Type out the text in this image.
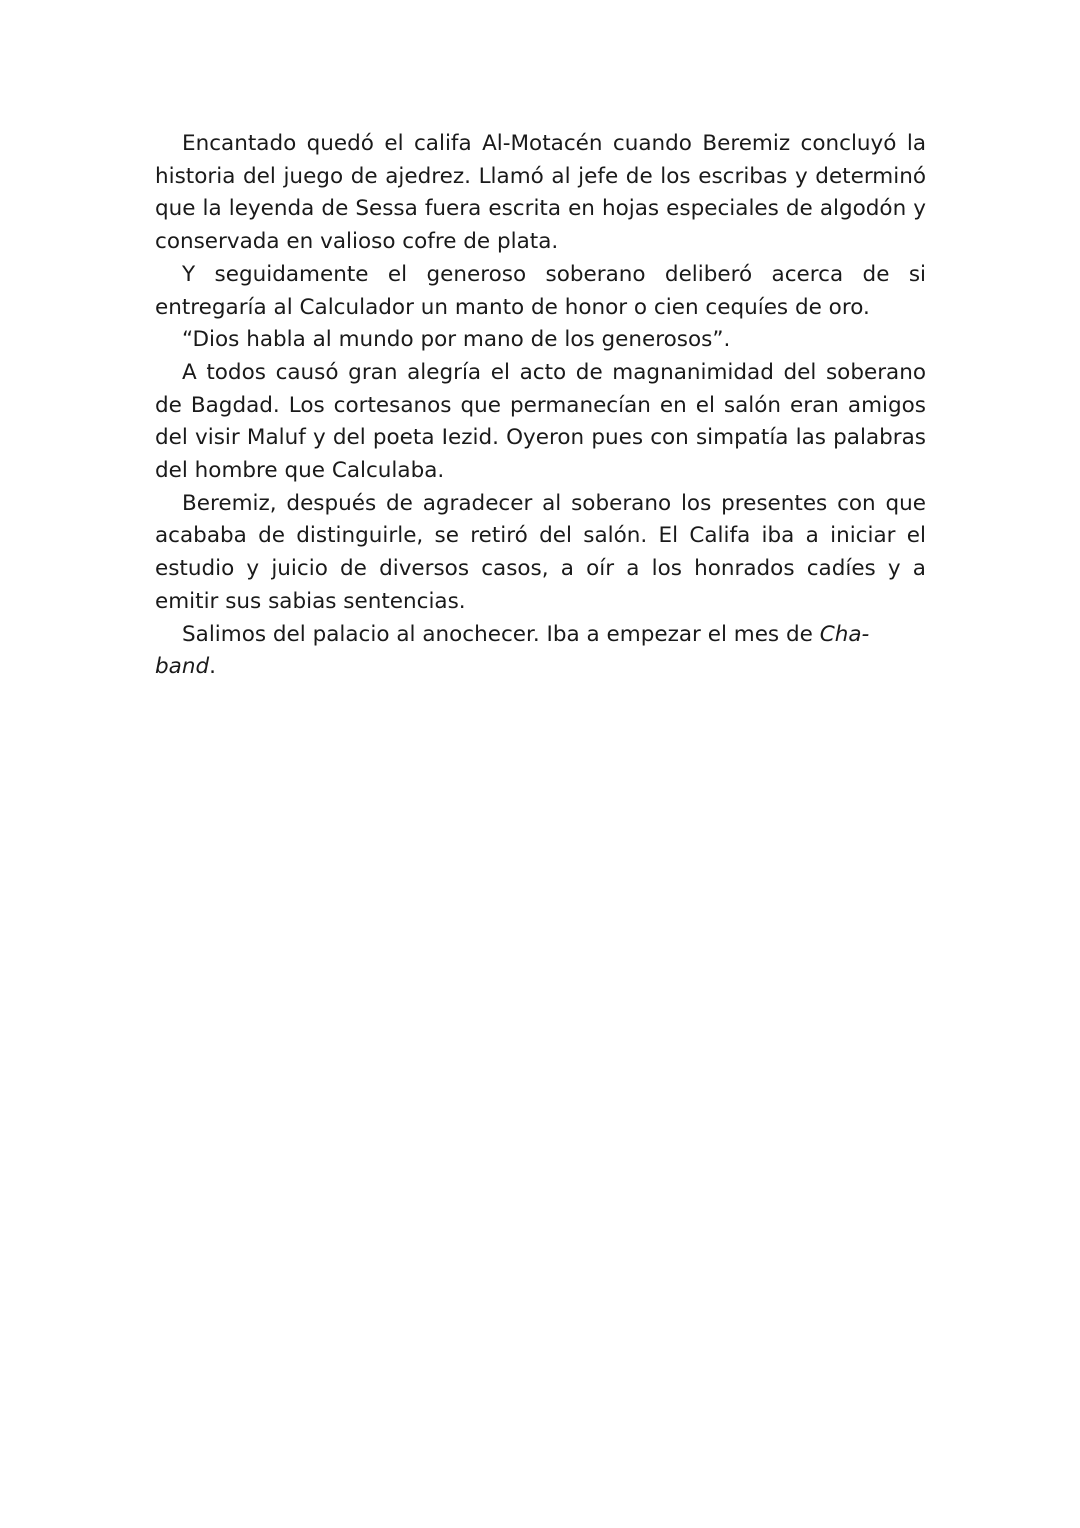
Encantado quedó el califa Al-Motacén cuando Beremiz concluyó la historia del juego de ajedrez. Llamó al jefe de los escribas y determinó que la leyenda de Sessa fuera escrita en hojas especiales de algodón y conservada en valioso cofre de plata.

Y seguidamente el generoso soberano deliberó acerca de si entregaría al Calculador un manto de honor o cien cequíes de oro.

“Dios habla al mundo por mano de los generosos”.

A todos causó gran alegría el acto de magnanimidad del soberano de Bagdad. Los cortesanos que permanecían en el salón eran amigos del visir Maluf y del poeta Iezid. Oyeron pues con simpatía las palabras del hombre que Calculaba.

Beremiz, después de agradecer al soberano los presentes con que acababa de distinguirle, se retiró del salón. El Califa iba a iniciar el estudio y juicio de diversos casos, a oír a los honrados cadíes y a emitir sus sabias sentencias.

Salimos del palacio al anochecer. Iba a empezar el mes de Cha-
band.
